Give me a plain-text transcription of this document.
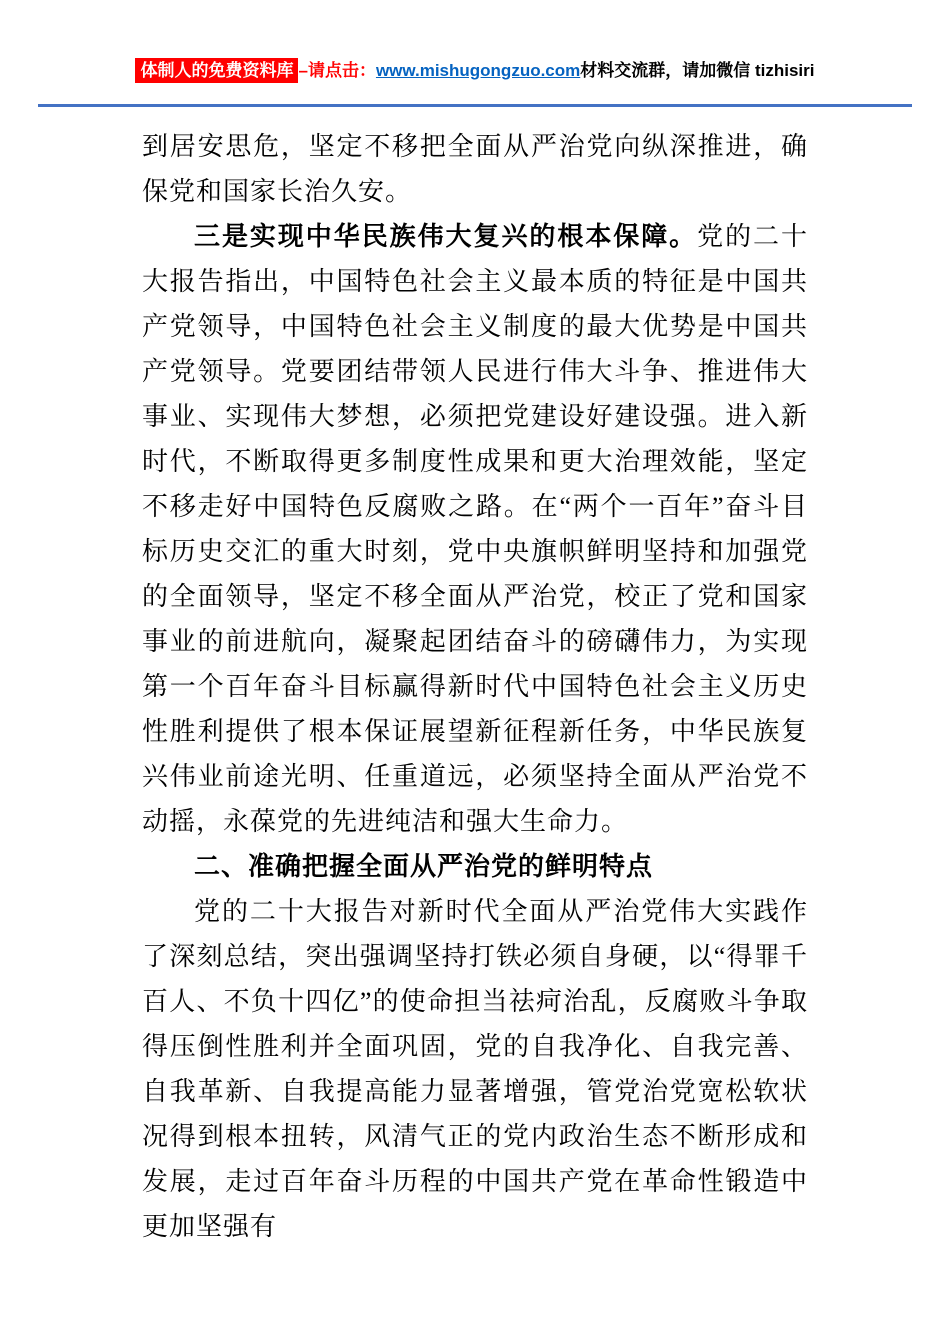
体制人的免费资料库 –请点击：www.mishugongzuo.com材料交流群，请加微信 tizhisiri

到居安思危，坚定不移把全面从严治党向纵深推进，确保党和国家长治久安。

三是实现中华民族伟大复兴的根本保障。党的二十大报告指出，中国特色社会主义最本质的特征是中国共产党领导，中国特色社会主义制度的最大优势是中国共产党领导。党要团结带领人民进行伟大斗争、推进伟大事业、实现伟大梦想，必须把党建设好建设强。进入新时代，不断取得更多制度性成果和更大治理效能，坚定不移走好中国特色反腐败之路。在“两个一百年”奋斗目标历史交汇的重大时刻，党中央旗帜鲜明坚持和加强党的全面领导，坚定不移全面从严治党，校正了党和国家事业的前进航向，凝聚起团结奋斗的磅礴伟力，为实现第一个百年奋斗目标赢得新时代中国特色社会主义历史性胜利提供了根本保证展望新征程新任务，中华民族复兴伟业前途光明、任重道远，必须坚持全面从严治党不动摇，永葆党的先进纯洁和强大生命力。

二、准确把握全面从严治党的鲜明特点

党的二十大报告对新时代全面从严治党伟大实践作了深刻总结，突出强调坚持打铁必须自身硬，以“得罪千百人、不负十四亿”的使命担当祛疴治乱，反腐败斗争取得压倒性胜利并全面巩固，党的自我净化、自我完善、自我革新、自我提高能力显著增强，管党治党宽松软状况得到根本扭转，风清气正的党内政治生态不断形成和发展，走过百年奋斗历程的中国共产党在革命性锻造中更加坚强有
